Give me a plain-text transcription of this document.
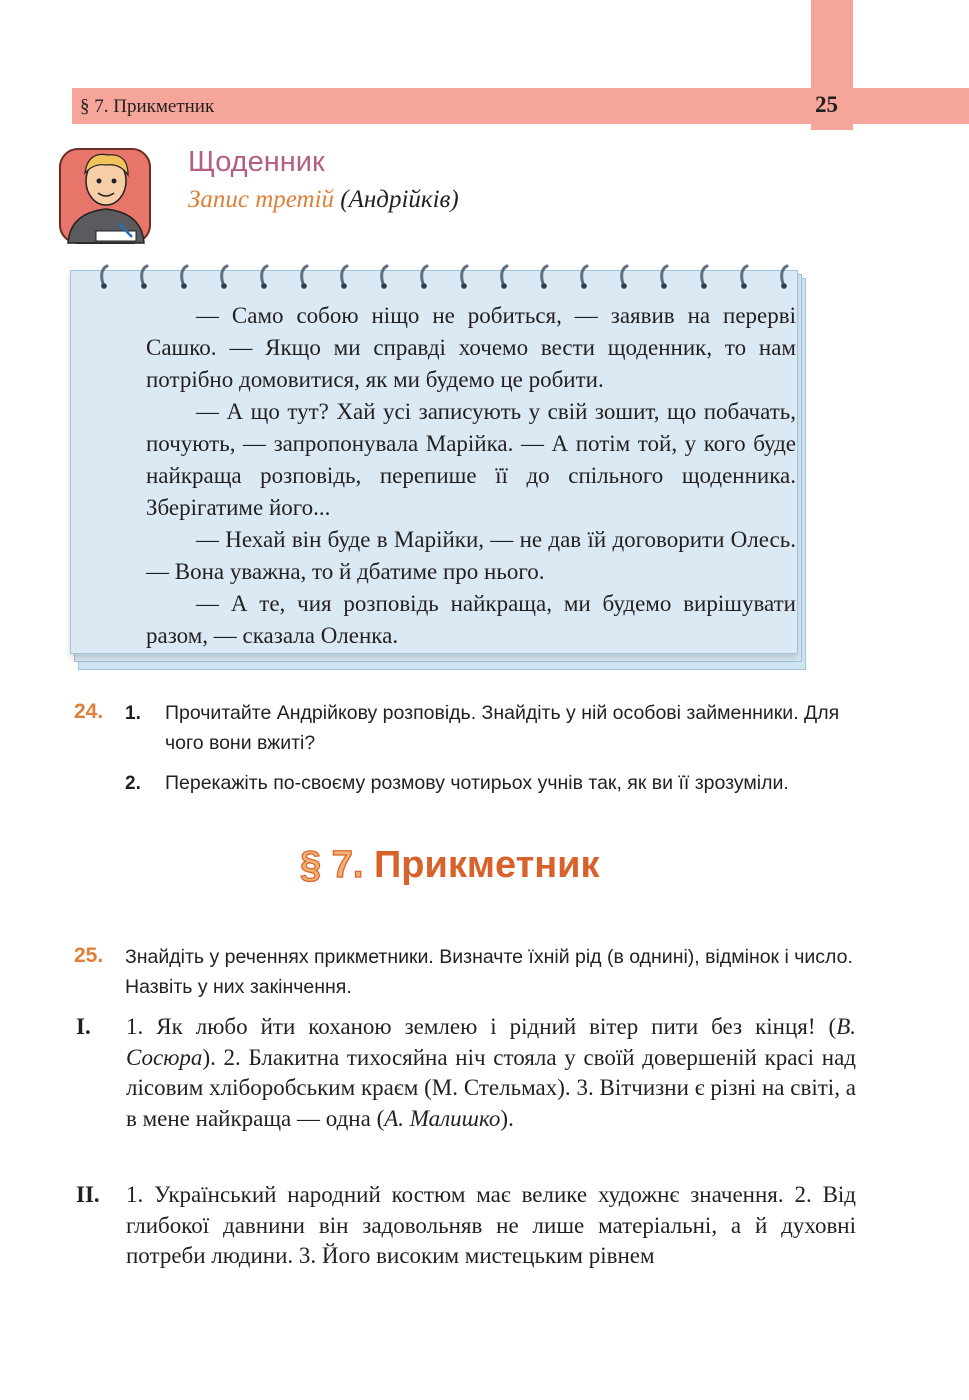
§ 7. Прикметник	25
Щоденник
Запис третій (Андрійків)

— Само собою ніщо не робиться, — заявив на перерві Сашко. — Якщо ми справді хочемо вести щоденник, то нам потрібно домовитися, як ми будемо це робити.

— А що тут? Хай усі записують у свій зошит, що побачать, почують, — запропонувала Марійка. — А потім той, у кого буде найкраща розповідь, перепише її до спільного щоденника. Зберігатиме його...

— Нехай він буде в Марійки, — не дав їй договорити Олесь. — Вона уважна, то й дбатиме про нього.

— А те, чия розповідь найкраща, ми будемо вирішувати разом, — сказала Оленка.

24. 1. Прочитайте Андрійкову розповідь. Знайдіть у ній особові займенники. Для чого вони вжиті?
2. Перекажіть по-своєму розмову чотирьох учнів так, як ви її зрозуміли.
§ 7. Прикметник
25. Знайдіть у реченнях прикметники. Визначте їхній рід (в однині), відмінок і число. Назвіть у них закінчення.
I. 1. Як любо йти коханою землею і рідний вітер пити без кінця! (В. Сосюра). 2. Блакитна тихосяйна ніч стояла у своїй довершеній красі над лісовим хліборобським краєм (М. Стельмах). 3. Вітчизни є різні на світі, а в мене найкраща — одна (А. Малишко).

II. 1. Український народний костюм має велике художнє значення. 2. Від глибокої давнини він задовольняв не лише матеріальні, а й духовні потреби людини. 3. Його високим мистецьким рівнем
